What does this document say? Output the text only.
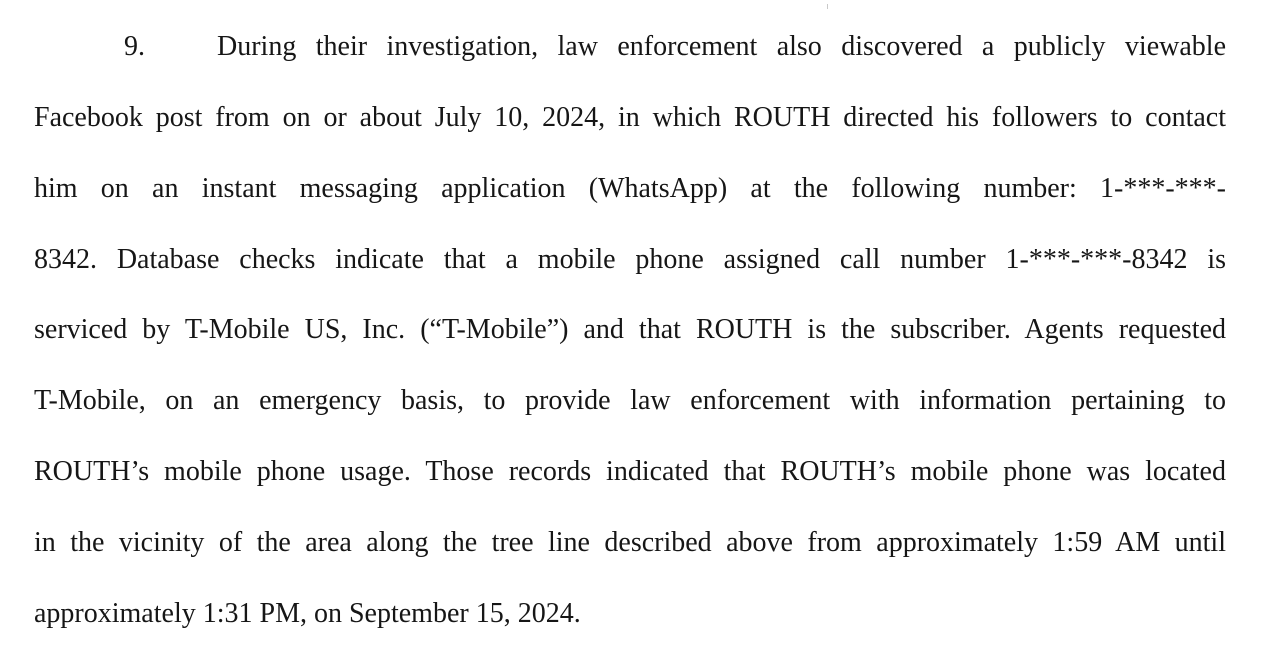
9.	During their investigation, law enforcement also discovered a publicly viewable
Facebook post from on or about July 10, 2024, in which ROUTH directed his followers to contact
him on an instant messaging application (WhatsApp) at the following number: 1-***-***-
8342. Database checks indicate that a mobile phone assigned call number 1-***-***-8342 is
serviced by T-Mobile US, Inc. (“T-Mobile”) and that ROUTH is the subscriber. Agents requested
T-Mobile, on an emergency basis, to provide law enforcement with information pertaining to
ROUTH’s mobile phone usage. Those records indicated that ROUTH’s mobile phone was located
in the vicinity of the area along the tree line described above from approximately 1:59 AM until
approximately 1:31 PM, on September 15, 2024.
